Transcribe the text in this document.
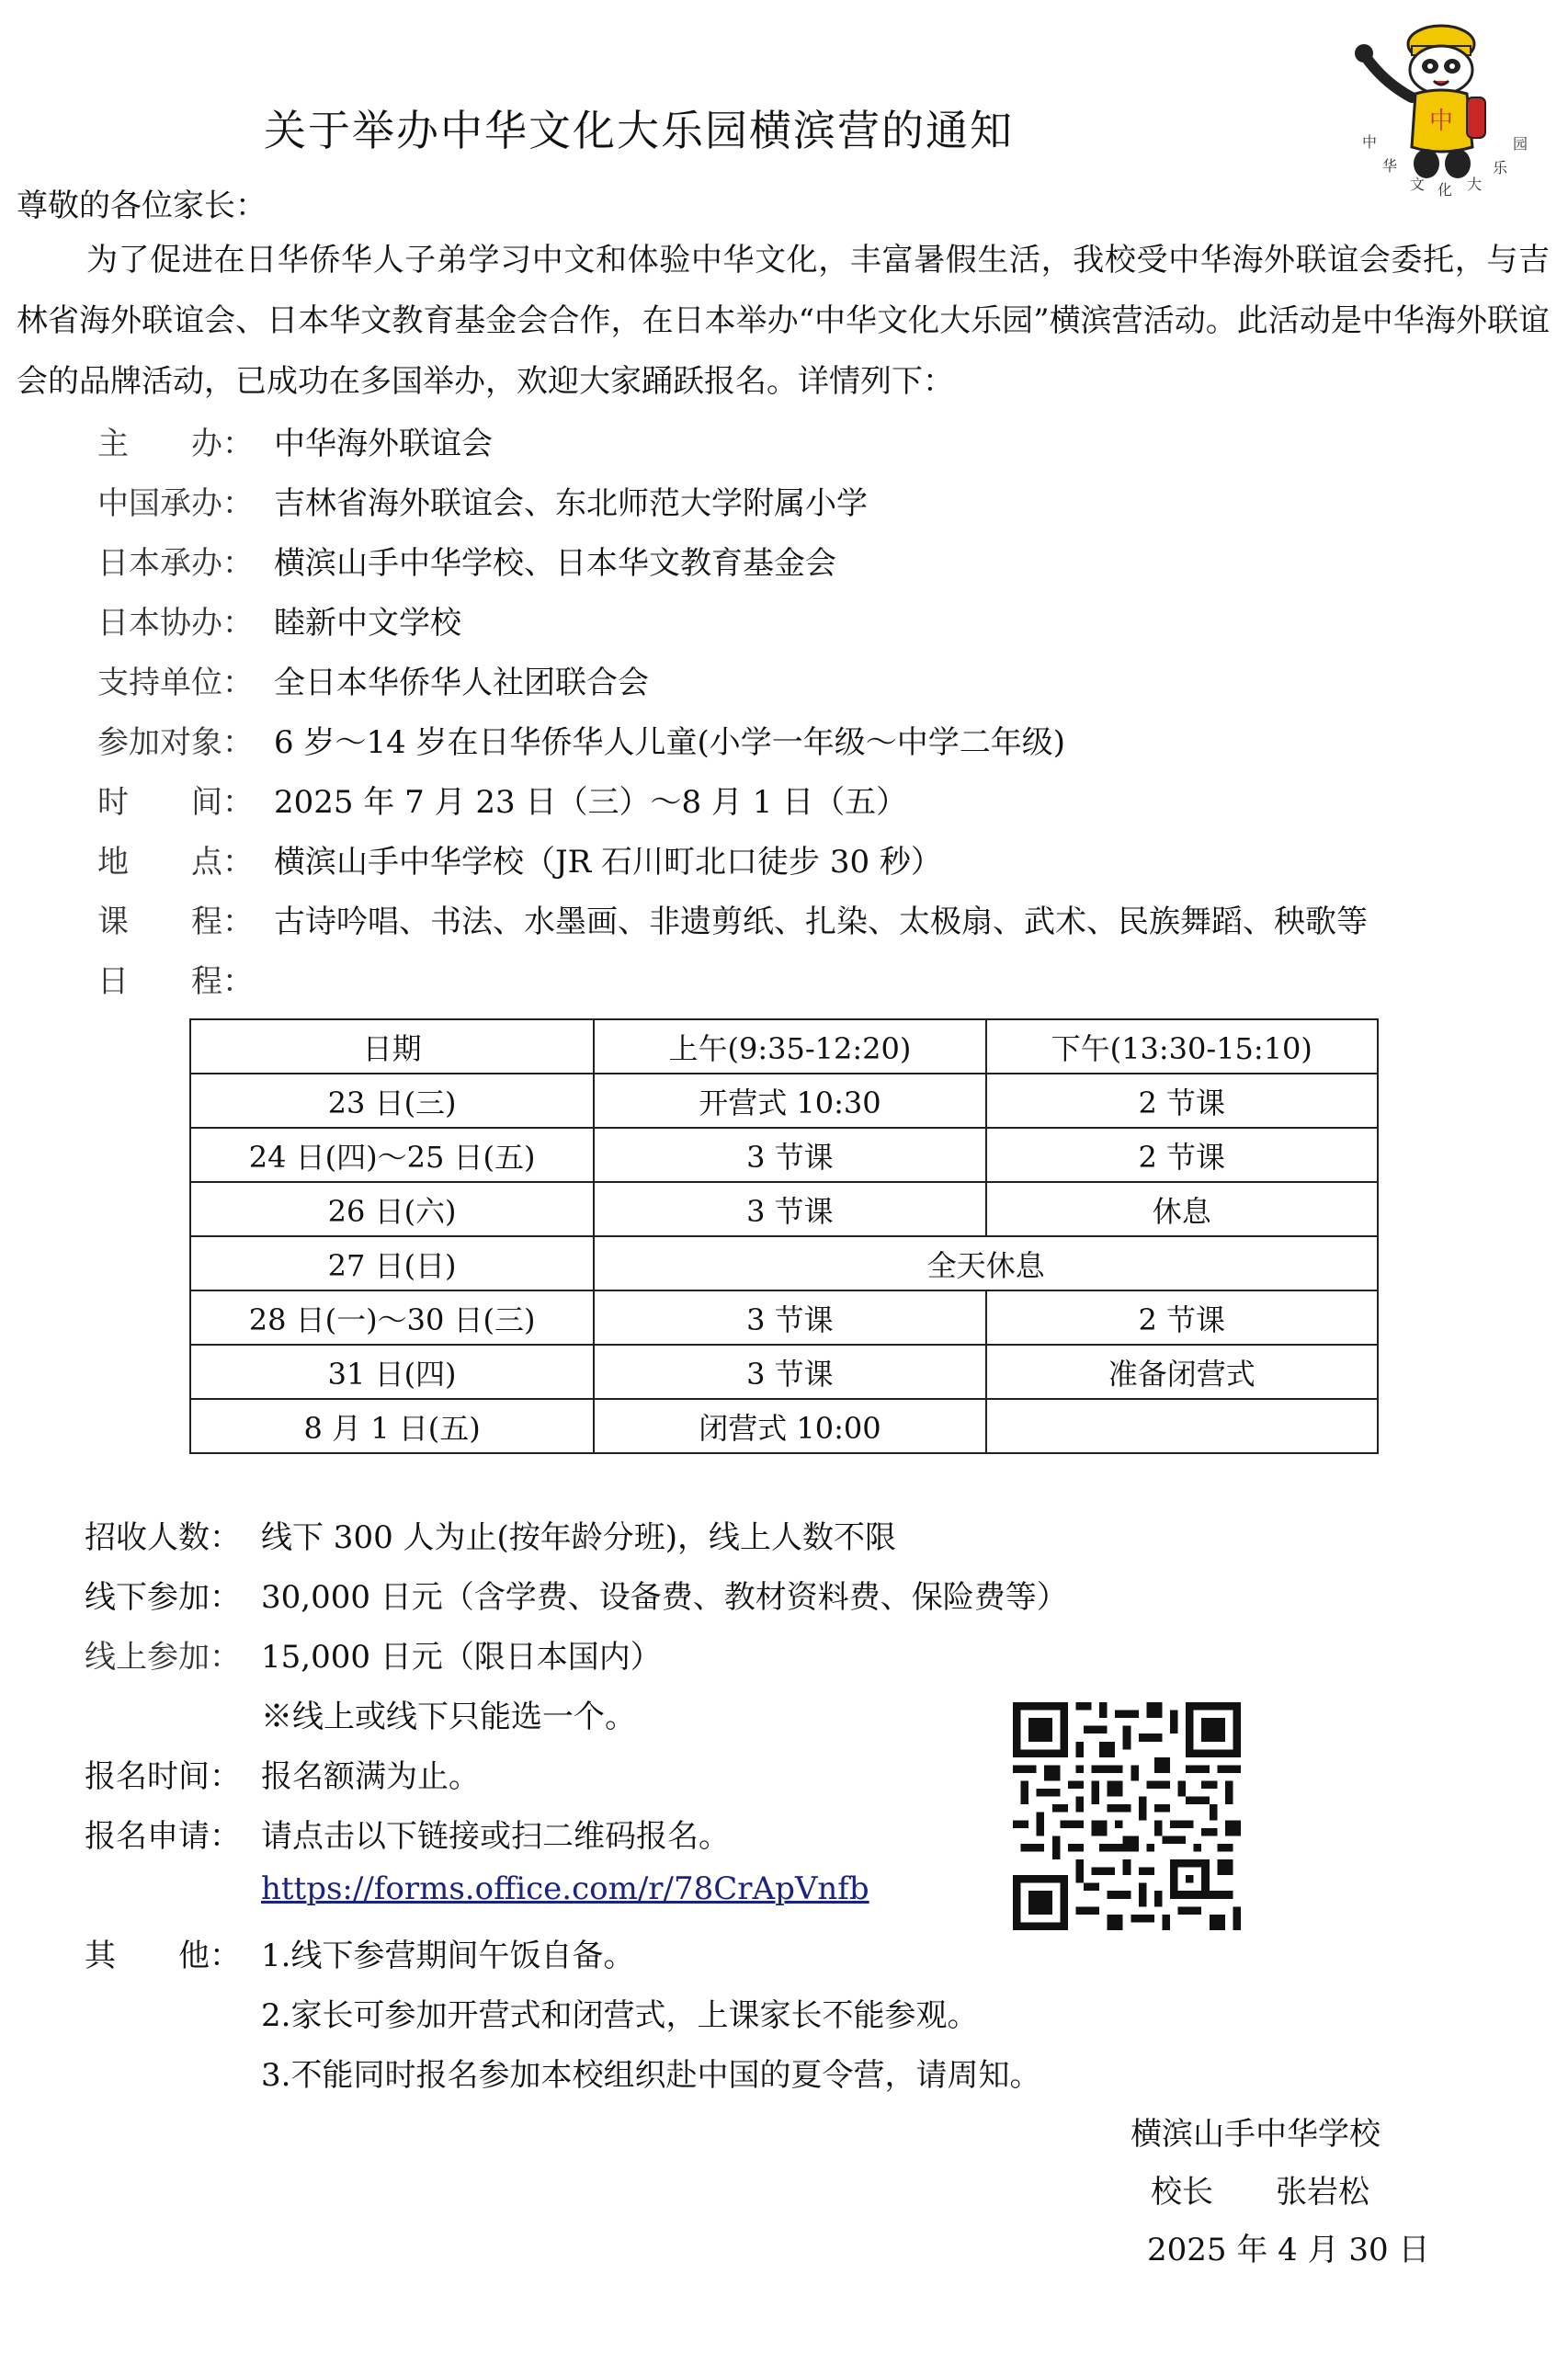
中
中
华
文 化 大
乐
园
关于举办中华文化大乐园横滨营的通知
尊敬的各位家长：
为了促进在日华侨华人子弟学习中文和体验中华文化，丰富暑假生活，我校受中华海外联谊会委托，与吉林省海外联谊会、日本华文教育基金会合作，在日本举办“中华文化大乐园”横滨营活动。此活动是中华海外联谊会的品牌活动，已成功在多国举办，欢迎大家踊跃报名。详情列下：
主　　办： 中华海外联谊会
中国承办： 吉林省海外联谊会、东北师范大学附属小学
日本承办： 横滨山手中华学校、日本华文教育基金会
日本协办： 睦新中文学校
支持单位： 全日本华侨华人社团联合会
参加对象： 6 岁～14 岁在日华侨华人儿童(小学一年级～中学二年级)
时　　间： 2025 年 7 月 23 日（三）～8 月 1 日（五）
地　　点： 横滨山手中华学校（JR 石川町北口徒步 30 秒）
课　　程： 古诗吟唱、书法、水墨画、非遗剪纸、扎染、太极扇、武术、民族舞蹈、秧歌等
日　　程：
日期	上午(9:35-12:20)	下午(13:30-15:10)
23 日(三)	开营式 10:30	2 节课
24 日(四)～25 日(五)	3 节课	2 节课
26 日(六)	3 节课	休息
27 日(日)	全天休息	
28 日(一)～30 日(三)	3 节课	2 节课
31 日(四)	3 节课	准备闭营式
8 月 1 日(五)	闭营式 10:00	
招收人数： 线下 300 人为止(按年龄分班)，线上人数不限
线下参加： 30,000 日元（含学费、设备费、教材资料费、保险费等）
线上参加： 15,000 日元（限日本国内）
※线上或线下只能选一个。
报名时间： 报名额满为止。
报名申请： 请点击以下链接或扫二维码报名。
https://forms.office.com/r/78CrApVnfb
其　　他： 1.线下参营期间午饭自备。
2.家长可参加开营式和闭营式，上课家长不能参观。
3.不能同时报名参加本校组织赴中国的夏令营，请周知。
横滨山手中华学校
校长　　张岩松
2025 年 4 月 30 日
